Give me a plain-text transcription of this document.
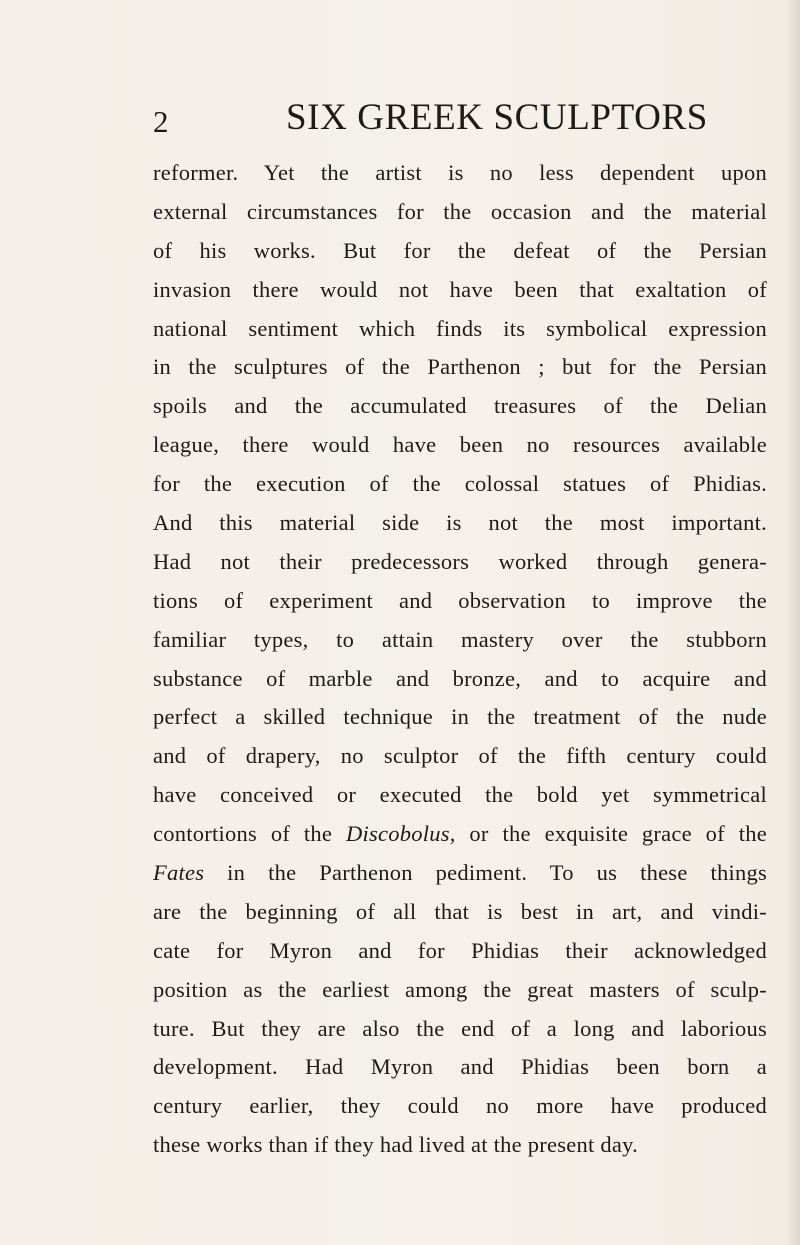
2	SIX GREEK SCULPTORS
reformer. Yet the artist is no less dependent upon
external circumstances for the occasion and the material
of his works. But for the defeat of the Persian
invasion there would not have been that exaltation of
national sentiment which finds its symbolical expression
in the sculptures of the Parthenon ; but for the Persian
spoils and the accumulated treasures of the Delian
league, there would have been no resources available
for the execution of the colossal statues of Phidias.
And this material side is not the most important.
Had not their predecessors worked through genera-
tions of experiment and observation to improve the
familiar types, to attain mastery over the stubborn
substance of marble and bronze, and to acquire and
perfect a skilled technique in the treatment of the nude
and of drapery, no sculptor of the fifth century could
have conceived or executed the bold yet symmetrical
contortions of the Discobolus, or the exquisite grace of the
Fates in the Parthenon pediment. To us these things
are the beginning of all that is best in art, and vindi-
cate for Myron and for Phidias their acknowledged
position as the earliest among the great masters of sculp-
ture. But they are also the end of a long and laborious
development. Had Myron and Phidias been born a
century earlier, they could no more have produced
these works than if they had lived at the present day.
